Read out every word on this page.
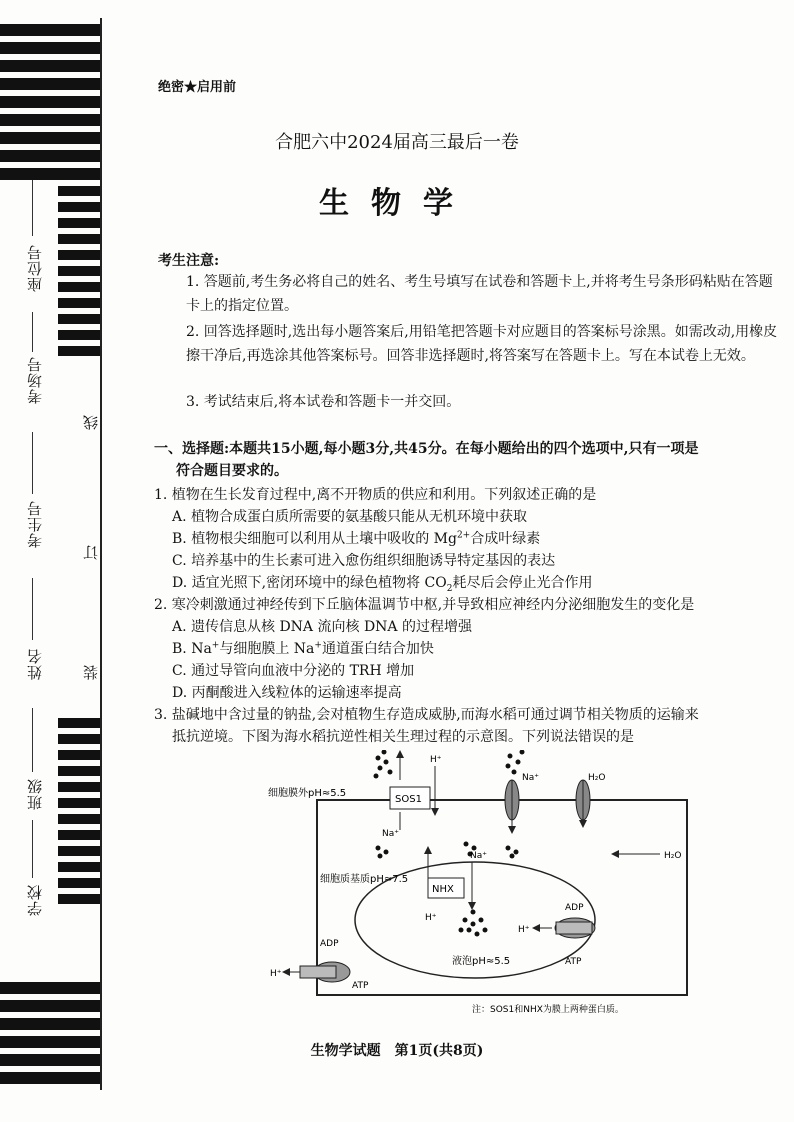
座位号
考场号
考生号
姓名
班级
学校
线
订
装
绝密★启用前
合肥六中2024届高三最后一卷
生物学
考生注意:
1. 答题前,考生务必将自己的姓名、考生号填写在试卷和答题卡上,并将考生号条形码粘贴在答题卡上的指定位置。
2. 回答选择题时,选出每小题答案后,用铅笔把答题卡对应题目的答案标号涂黑。如需改动,用橡皮擦干净后,再选涂其他答案标号。回答非选择题时,将答案写在答题卡上。写在本试卷上无效。
3. 考试结束后,将本试卷和答题卡一并交回。
一、选择题:本题共15小题,每小题3分,共45分。在每小题给出的四个选项中,只有一项是
符合题目要求的。
1. 植物在生长发育过程中,离不开物质的供应和利用。下列叙述正确的是
A. 植物合成蛋白质所需要的氨基酸只能从无机环境中获取
B. 植物根尖细胞可以利用从土壤中吸收的 $Mg^{2+}$合成叶绿素
C. 培养基中的生长素可进入愈伤组织细胞诱导特定基因的表达
D. 适宜光照下,密闭环境中的绿色植物将 $CO_2$耗尽后会停止光合作用
2. 寒冷刺激通过神经传到下丘脑体温调节中枢,并导致相应神经内分泌细胞发生的变化是
A. 遗传信息从核 DNA 流向核 DNA 的过程增强
B. Na+与细胞膜上 Na+通道蛋白结合加快
C. 通过导管向血液中分泌的 TRH 增加
D. 丙酮酸进入线粒体的运输速率提高
3. 盐碱地中含过量的钠盐,会对植物生存造成威胁,而海水稻可通过调节相关物质的运输来
抵抗逆境。下图为海水稻抗逆性相关生理过程的示意图。下列说法错误的是
细胞膜外pH≈5.5
细胞质基质pH≈7.5
液泡pH≈5.5
SOS1
H⁺
Na⁺
Na⁺	H₂O
H₂O
NHX
H⁺
Na⁺
ADP
ATP
H⁺
ADP
ATP
H⁺
注：SOS1和NHX为膜上两种蛋白质。
生物学试题　第1页(共8页)
